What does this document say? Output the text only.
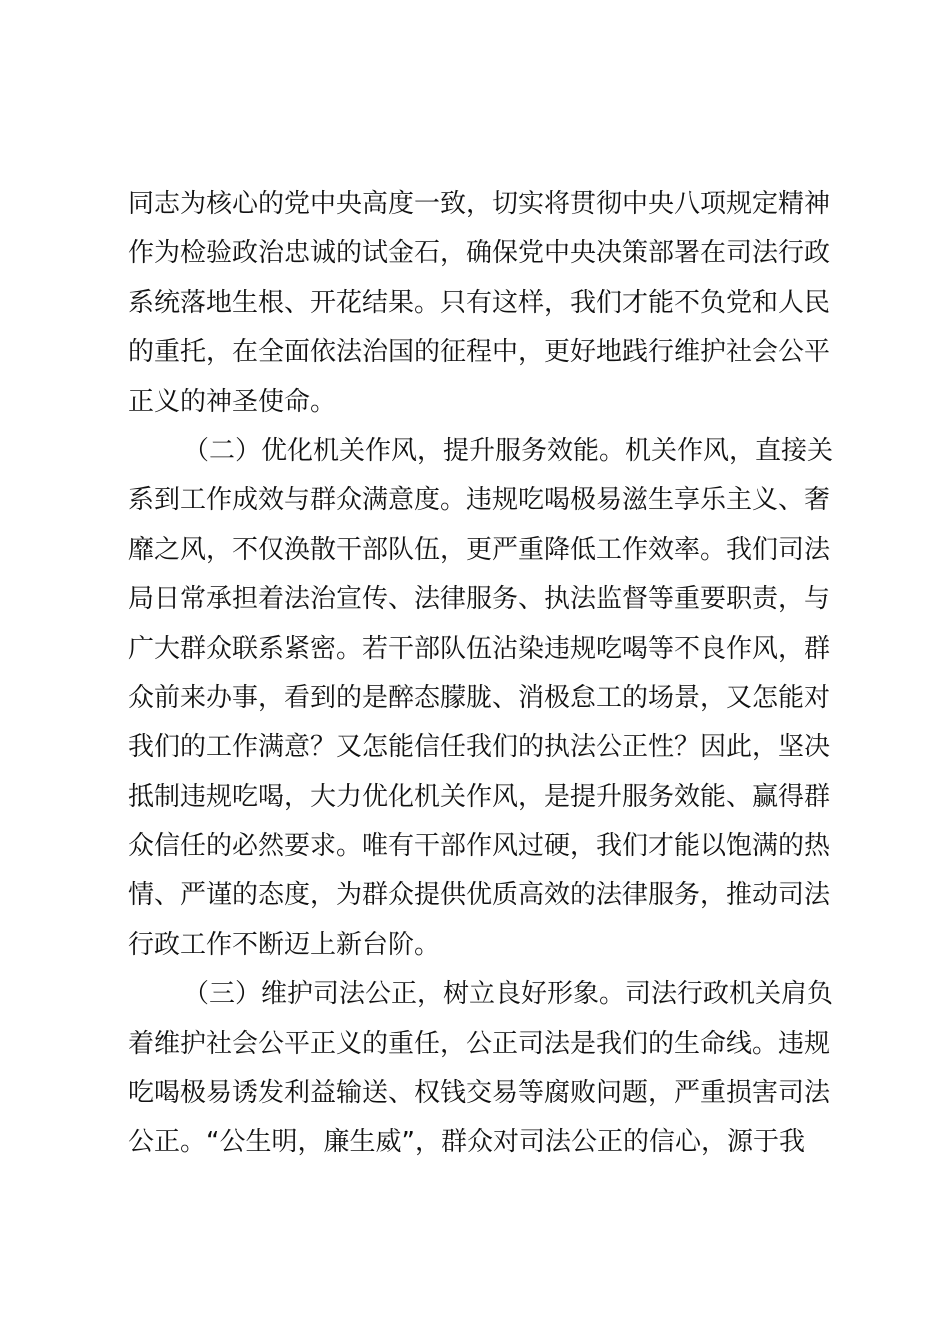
同志为核心的党中央高度一致，切实将贯彻中央八项规定精神
作为检验政治忠诚的试金石，确保党中央决策部署在司法行政
系统落地生根、开花结果。只有这样，我们才能不负党和人民
的重托，在全面依法治国的征程中，更好地践行维护社会公平
正义的神圣使命。
（二）优化机关作风，提升服务效能。机关作风，直接关
系到工作成效与群众满意度。违规吃喝极易滋生享乐主义、奢
靡之风，不仅涣散干部队伍，更严重降低工作效率。我们司法
局日常承担着法治宣传、法律服务、执法监督等重要职责，与
广大群众联系紧密。若干部队伍沾染违规吃喝等不良作风，群
众前来办事，看到的是醉态朦胧、消极怠工的场景，又怎能对
我们的工作满意？又怎能信任我们的执法公正性？因此，坚决
抵制违规吃喝，大力优化机关作风，是提升服务效能、赢得群
众信任的必然要求。唯有干部作风过硬，我们才能以饱满的热
情、严谨的态度，为群众提供优质高效的法律服务，推动司法
行政工作不断迈上新台阶。
（三）维护司法公正，树立良好形象。司法行政机关肩负
着维护社会公平正义的重任，公正司法是我们的生命线。违规
吃喝极易诱发利益输送、权钱交易等腐败问题，严重损害司法
公正。“公生明，廉生威”，群众对司法公正的信心，源于我
